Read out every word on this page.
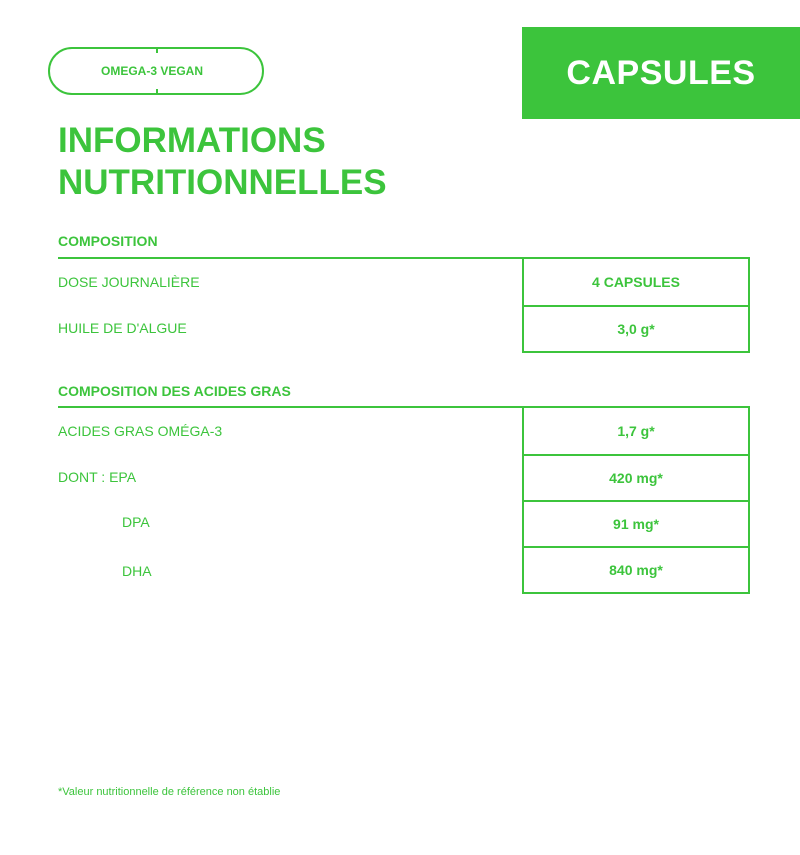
OMEGA-3 VEGAN	CAPSULES
INFORMATIONS
NUTRITIONNELLES
COMPOSITION
DOSE JOURNALIÈRE
HUILE DE D'ALGUE
4 CAPSULES
3,0 g*
COMPOSITION DES ACIDES GRAS
ACIDES GRAS OMÉGA-3
DONT : EPA
DPA
DHA
1,7 g*
420 mg*
91 mg*
840 mg*
*Valeur nutritionnelle de référence non établie
